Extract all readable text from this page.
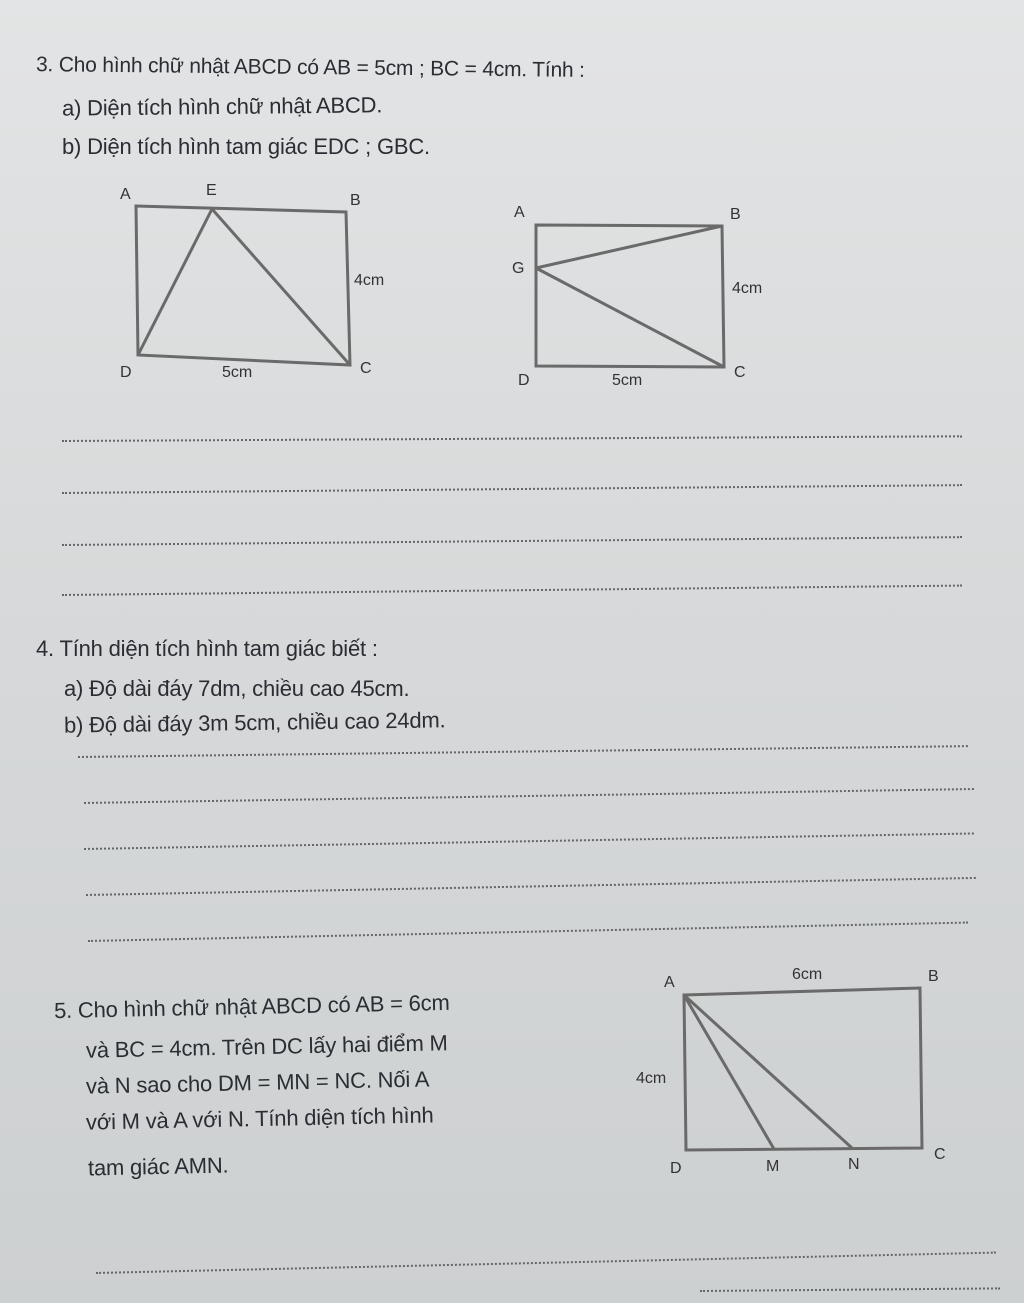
3. Cho hình chữ nhật ABCD có AB = 5cm ; BC = 4cm. Tính :
a) Diện tích hình chữ nhật ABCD.
b) Diện tích hình tam giác EDC ; GBC.
A	E
B
4cm
D	5cm	C
A	B
G
4cm
D	5cm	C
4. Tính diện tích hình tam giác biết :
a) Độ dài đáy 7dm, chiều cao 45cm.
b) Độ dài đáy 3m 5cm, chiều cao 24dm.
5. Cho hình chữ nhật ABCD có AB = 6cm
và BC = 4cm. Trên DC lấy hai điểm M
và N sao cho DM = MN = NC. Nối A
với M và A với N. Tính diện tích hình
tam giác AMN.
A	6cm	B
4cm
D	M	N
C
